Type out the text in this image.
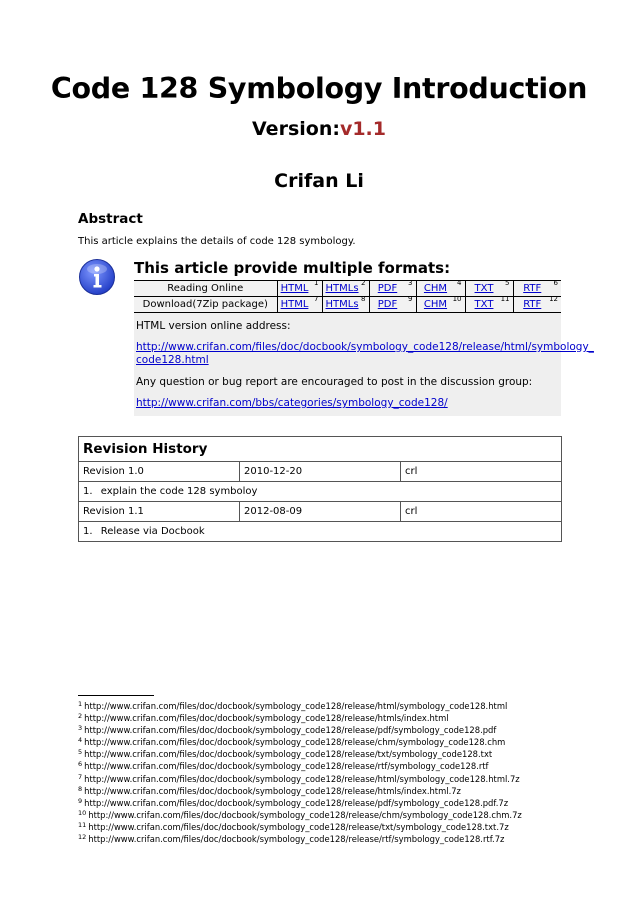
Code 128 Symbology Introduction
Version:v1.1
Crifan Li
Abstract
This article explains the details of code 128 symbology.
This article provide multiple formats:
Reading Online	HTML 1	HTMLs 2	PDF 3	CHM 4	TXT 5	RTF 6

Download(7Zip package)	HTML 7	HTMLs 8	PDF 9	CHM 10	TXT 11	RTF 12

HTML version online address:

http://www.crifan.com/files/doc/docbook/symbology_code128/release/html/symbology_
code128.html

Any question or bug report are encouraged to post in the discussion group:

http://www.crifan.com/bbs/categories/symbology_code128/

Revision History		
Revision 1.0	2010-12-20	crl
1.  explain the code 128 symboloy		
Revision 1.1	2012-08-09	crl
1.  Release via Docbook		
$^1$ http://www.crifan.com/files/doc/docbook/symbology_code128/release/html/symbology_code128.html
$^2$ http://www.crifan.com/files/doc/docbook/symbology_code128/release/htmls/index.html
$^3$ http://www.crifan.com/files/doc/docbook/symbology_code128/release/pdf/symbology_code128.pdf
$^4$ http://www.crifan.com/files/doc/docbook/symbology_code128/release/chm/symbology_code128.chm
$^5$ http://www.crifan.com/files/doc/docbook/symbology_code128/release/txt/symbology_code128.txt
$^6$ http://www.crifan.com/files/doc/docbook/symbology_code128/release/rtf/symbology_code128.rtf
$^7$ http://www.crifan.com/files/doc/docbook/symbology_code128/release/html/symbology_code128.html.7z
$^8$ http://www.crifan.com/files/doc/docbook/symbology_code128/release/htmls/index.html.7z
$^9$ http://www.crifan.com/files/doc/docbook/symbology_code128/release/pdf/symbology_code128.pdf.7z
$^{10}$ http://www.crifan.com/files/doc/docbook/symbology_code128/release/chm/symbology_code128.chm.7z
$^{11}$ http://www.crifan.com/files/doc/docbook/symbology_code128/release/txt/symbology_code128.txt.7z
$^{12}$ http://www.crifan.com/files/doc/docbook/symbology_code128/release/rtf/symbology_code128.rtf.7z
